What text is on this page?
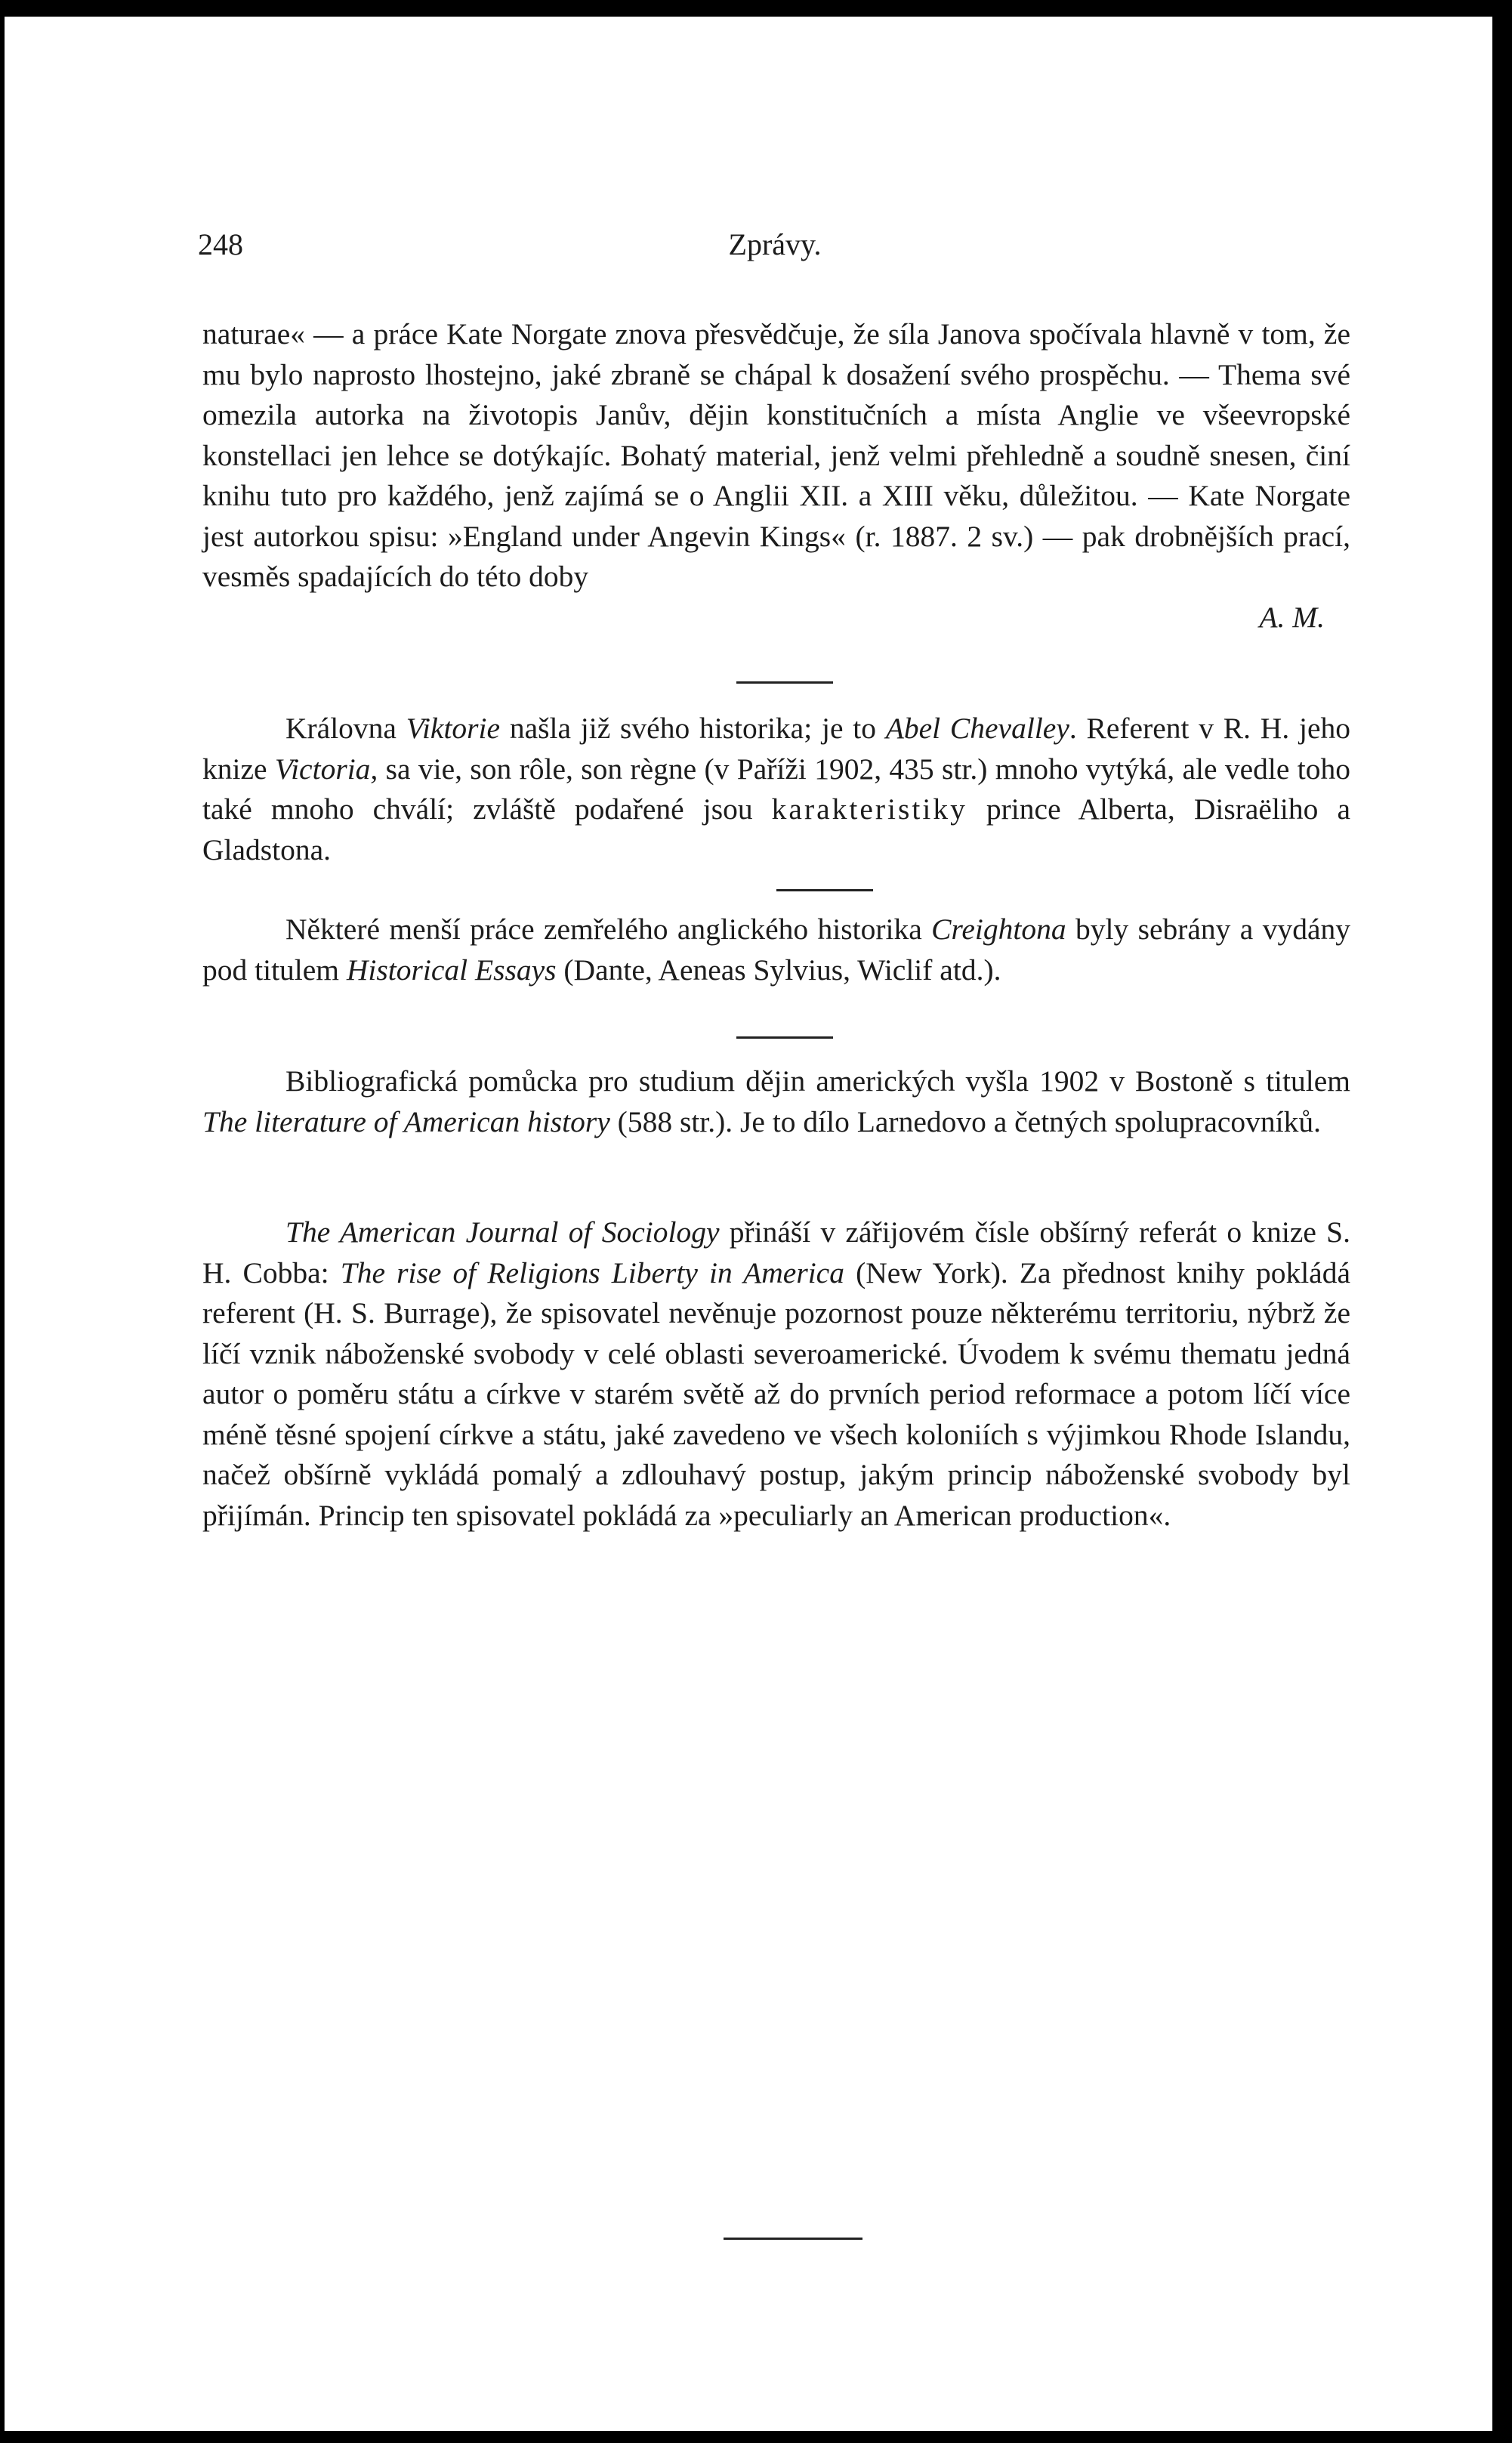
248	Zprávy.

naturae« — a práce Kate Norgate znova přesvědčuje, že síla Janova spočívala hlavně v tom, že mu bylo naprosto lhostejno, jaké zbraně se chápal k dosažení svého prospěchu. — Thema své omezila autorka na životopis Janův, dějin konstitučních a místa Anglie ve všeevropské konstellaci jen lehce se dotýkajíc. Bohatý material, jenž velmi přehledně a soudně snesen, činí knihu tuto pro každého, jenž zajímá se o Anglii XII. a XIII věku, důležitou. — Kate Norgate jest autorkou spisu: »England under Angevin Kings« (r. 1887. 2 sv.) — pak drobnějších prací, vesměs spadajících do této doby

A. M.

Královna Viktorie našla již svého historika; je to Abel Chevalley. Referent v R. H. jeho knize Victoria, sa vie, son rôle, son règne (v Paříži 1902, 435 str.) mnoho vytýká, ale vedle toho také mnoho chválí; zvláště podařené jsou karakteristiky prince Alberta, Disraëliho a Gladstona.

Některé menší práce zemřelého anglického historika Creightona byly sebrány a vydány pod titulem Historical Essays (Dante, Aeneas Sylvius, Wiclif atd.).

Bibliografická pomůcka pro studium dějin amerických vyšla 1902 v Bostoně s titulem The literature of American history (588 str.). Je to dílo Larnedovo a četných spolupracovníků.

The American Journal of Sociology přináší v zářijovém čísle obšírný referát o knize S. H. Cobba: The rise of Religions Liberty in America (New York). Za přednost knihy pokládá referent (H. S. Burrage), že spisovatel nevěnuje pozornost pouze některému territoriu, nýbrž že líčí vznik náboženské svobody v celé oblasti severoamerické. Úvodem k svému thematu jedná autor o poměru státu a církve v starém světě až do prvních period reformace a potom líčí více méně těsné spojení církve a státu, jaké zavedeno ve všech koloniích s výjimkou Rhode Islandu, načež obšírně vykládá pomalý a zdlouhavý postup, jakým princip náboženské svobody byl přijímán. Princip ten spisovatel pokládá za »peculiarly an American production«.
